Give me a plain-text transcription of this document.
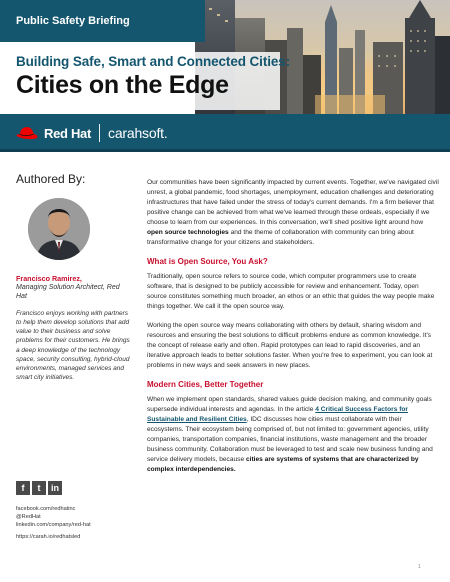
Public Safety Briefing
Building Safe, Smart and Connected Cities:
Cities on the Edge
Red Hat carahsoft.
Authored By:
Francisco Ramirez,
Managing Solution Architect, Red Hat
Francisco enjoys working with partners to help them develop solutions that add value to their business and solve problems for their customers. He brings a deep knowledge of the technology space, security consulting, hybrid-cloud environments, managed services and smart city initiatives.
f	t	in
facebook.com/redhatinc
@RedHat
linkedin.com/company/red-hat
https://carah.io/redhatsled

Our communities have been significantly impacted by current events. Together, we've navigated civil unrest, a global pandemic, food shortages, unemployment, education challenges and deteriorating infrastructures that have failed under the stress of today's current demands. I'm a firm believer that positive change can be achieved from what we've learned through these ordeals, especially if we choose to learn from our experiences. In this conversation, we'll shed positive light around how open source technologies and the theme of collaboration with community can bring about transformative change for your citizens and stakeholders.

What is Open Source, You Ask?

Traditionally, open source refers to source code, which computer programmers use to create software, that is designed to be publicly accessible for review and enhancement. Today, open source constitutes something much broader, an ethos or an ethic that guides the way people make things together. We call it the open source way.

Working the open source way means collaborating with others by default, sharing wisdom and resources and ensuring the best solutions to difficult problems endure as common knowledge. It's the concept of release early and often. Rapid prototypes can lead to rapid discoveries, and an iterative approach leads to better solutions faster. When you're free to experiment, you can look at problems in new ways and seek answers in new places.

Modern Cities, Better Together

When we implement open standards, shared values guide decision making, and community goals supersede individual interests and agendas. In the article 4 Critical Success Factors for Sustainable and Resilient Cities, IDC discusses how cities must collaborate with their ecosystems. Their ecosystem being comprised of, but not limited to: government agencies, utility companies, transportation companies, financial institutions, waste management and the broader business community. Collaboration must be leveraged to test and scale new business funding and service delivery models, because cities are systems of systems that are characterized by complex interdependencies.

1
